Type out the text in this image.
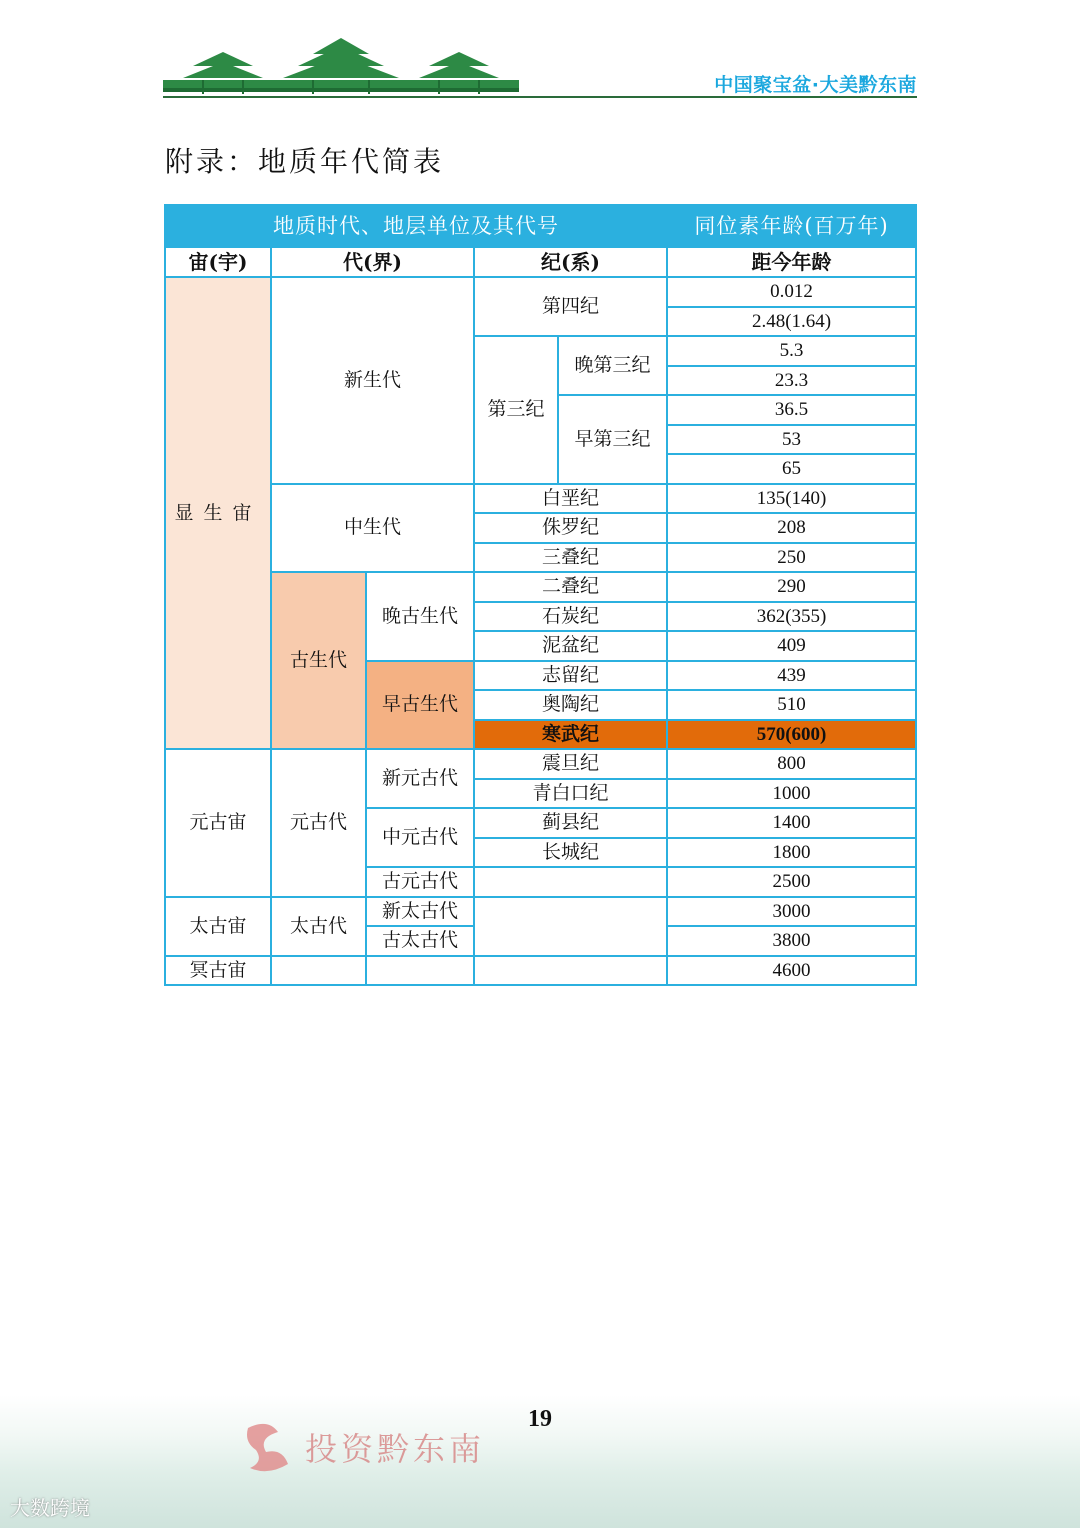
中国聚宝盆·大美黔东南
附录：地质年代简表
地质时代、地层单位及其代号					同位素年龄(百万年)
宙(宇)	代(界)		纪(系)		距今年龄
显生宙	新生代		第四纪		0.012
					2.48(1.64)
			第三纪	晚第三纪	5.3
					23.3
				早第三纪	36.5
					53
					65
	中生代		白垩纪		135(140)
			侏罗纪		208
			三叠纪		250
	古生代	晚古生代	二叠纪		290
			石炭纪		362(355)
			泥盆纪		409
		早古生代	志留纪		439
			奥陶纪		510
			寒武纪		570(600)
元古宙	元古代	新元古代	震旦纪		800
			青白口纪		1000
		中元古代	蓟县纪		1400
			长城纪		1800
		古元古代			2500
太古宙	太古代	新太古代			3000
		古太古代			3800
冥古宙					4600
19
投资黔东南
大数跨境
